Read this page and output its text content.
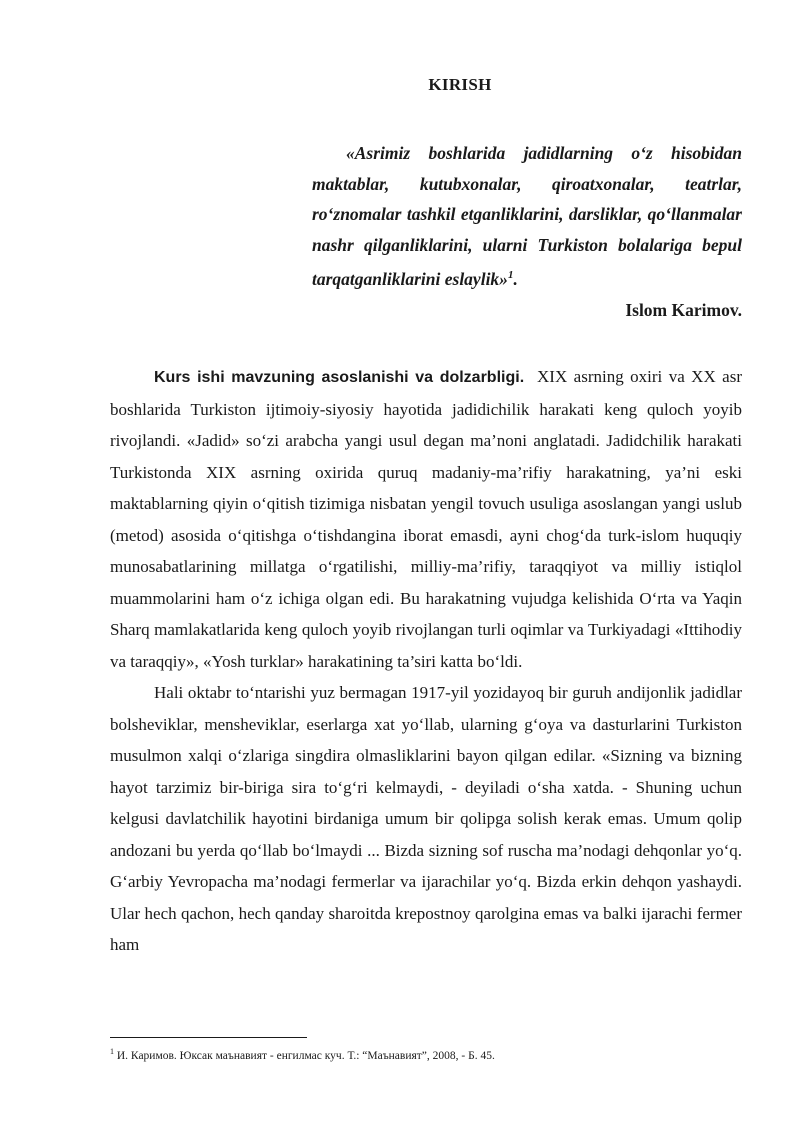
KIRISH
«Asrimiz boshlarida jadidlarning o‘z hisobidan maktablar, kutubxonalar, qiroatxonalar, teatrlar, ro‘znomalar tashkil etganliklarini, darsliklar, qo‘llanmalar nashr qilganliklarini, ularni Turkiston bolalariga bepul tarqatganliklarini eslaylik»$^1$.
Islom Karimov.

Kurs ishi mavzuning asoslanishi va dolzarbligi. XIX asrning oxiri va XX asr boshlarida Turkiston ijtimoiy-siyosiy hayotida jadidichilik harakati keng quloch yoyib rivojlandi. «Jadid» so‘zi arabcha yangi usul degan ma’noni anglatadi. Jadidchilik harakati Turkistonda XIX asrning oxirida quruq madaniy-ma’rifiy harakatning, ya’ni eski maktablarning qiyin o‘qitish tizimiga nisbatan yengil tovuch usuliga asoslangan yangi uslub (metod) asosida o‘qitishga o‘tishdangina iborat emasdi, ayni chog‘da turk-islom huquqiy munosabatlarining millatga o‘rgatilishi, milliy-ma’rifiy, taraqqiyot va milliy istiqlol muammolarini ham o‘z ichiga olgan edi. Bu harakatning vujudga kelishida O‘rta va Yaqin Sharq mamlakatlarida keng quloch yoyib rivojlangan turli oqimlar va Turkiyadagi «Ittihodiy va taraqqiy», «Yosh turklar» harakatining ta’siri katta bo‘ldi.

Hali oktabr to‘ntarishi yuz bermagan 1917-yil yozidayoq bir guruh andijonlik jadidlar bolsheviklar, mensheviklar, eserlarga xat yo‘llab, ularning g‘oya va dasturlarini Turkiston musulmon xalqi o‘zlariga singdira olmasliklarini bayon qilgan edilar. «Sizning va bizning hayot tarzimiz bir-biriga sira to‘g‘ri kelmaydi, - deyiladi o‘sha xatda. - Shuning uchun kelgusi davlatchilik hayotini birdaniga umum bir qolipga solish kerak emas. Umum qolip andozani bu yerda qo‘llab bo‘lmaydi ... Bizda sizning sof ruscha ma’nodagi dehqonlar yo‘q. G‘arbiy Yevropacha ma’nodagi fermerlar va ijarachilar yo‘q. Bizda erkin dehqon yashaydi. Ular hech qachon, hech qanday sharoitda krepostnoy qarolgina emas va balki ijarachi fermer ham

$^1$ И. Каримов. Юксак маънавият - енгилмас куч. Т.: “Маънавият”, 2008, - Б. 45.
